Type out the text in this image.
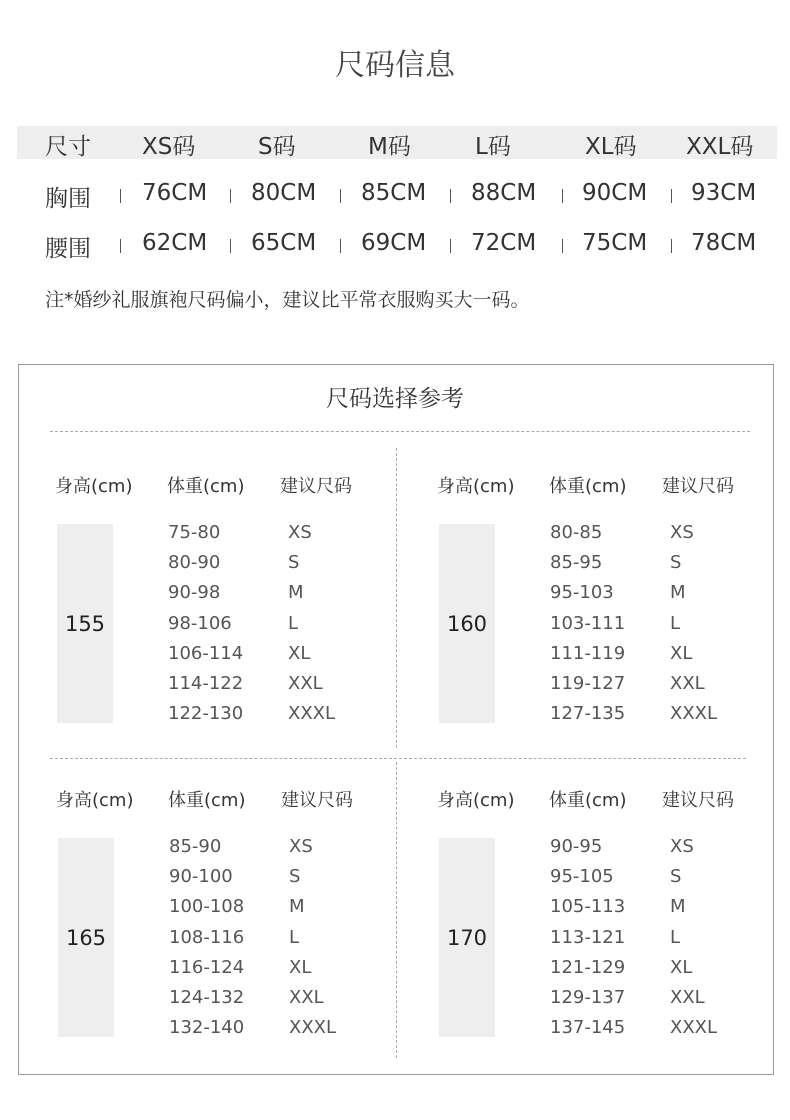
尺码信息
尺寸 XS码	S码	M码	L码	XL码 XXL码
胸围 76CM 80CM 85CM 88CM 90CM 93CM
腰围 62CM 65CM 69CM 72CM 75CM 78CM
注*婚纱礼服旗袍尺码偏小，建议比平常衣服购买大一码。
尺码选择参考
身高(cm) 体重(cm) 建议尺码
155
75-80	XS
80-90	S
90-98	M
98-106	L
106-114 XL
114-122 XXL
122-130 XXXL
身高(cm) 体重(cm) 建议尺码
160
80-85	XS
85-95	S
95-103	M
103-111 L
111-119 XL
119-127 XXL
127-135 XXXL
身高(cm) 体重(cm) 建议尺码
165
85-90	XS
90-100	S
100-108 M
108-116 L
116-124 XL
124-132 XXL
132-140 XXXL
身高(cm) 体重(cm) 建议尺码
170
90-95	XS
95-105	S
105-113 M
113-121 L
121-129 XL
129-137 XXL
137-145 XXXL
